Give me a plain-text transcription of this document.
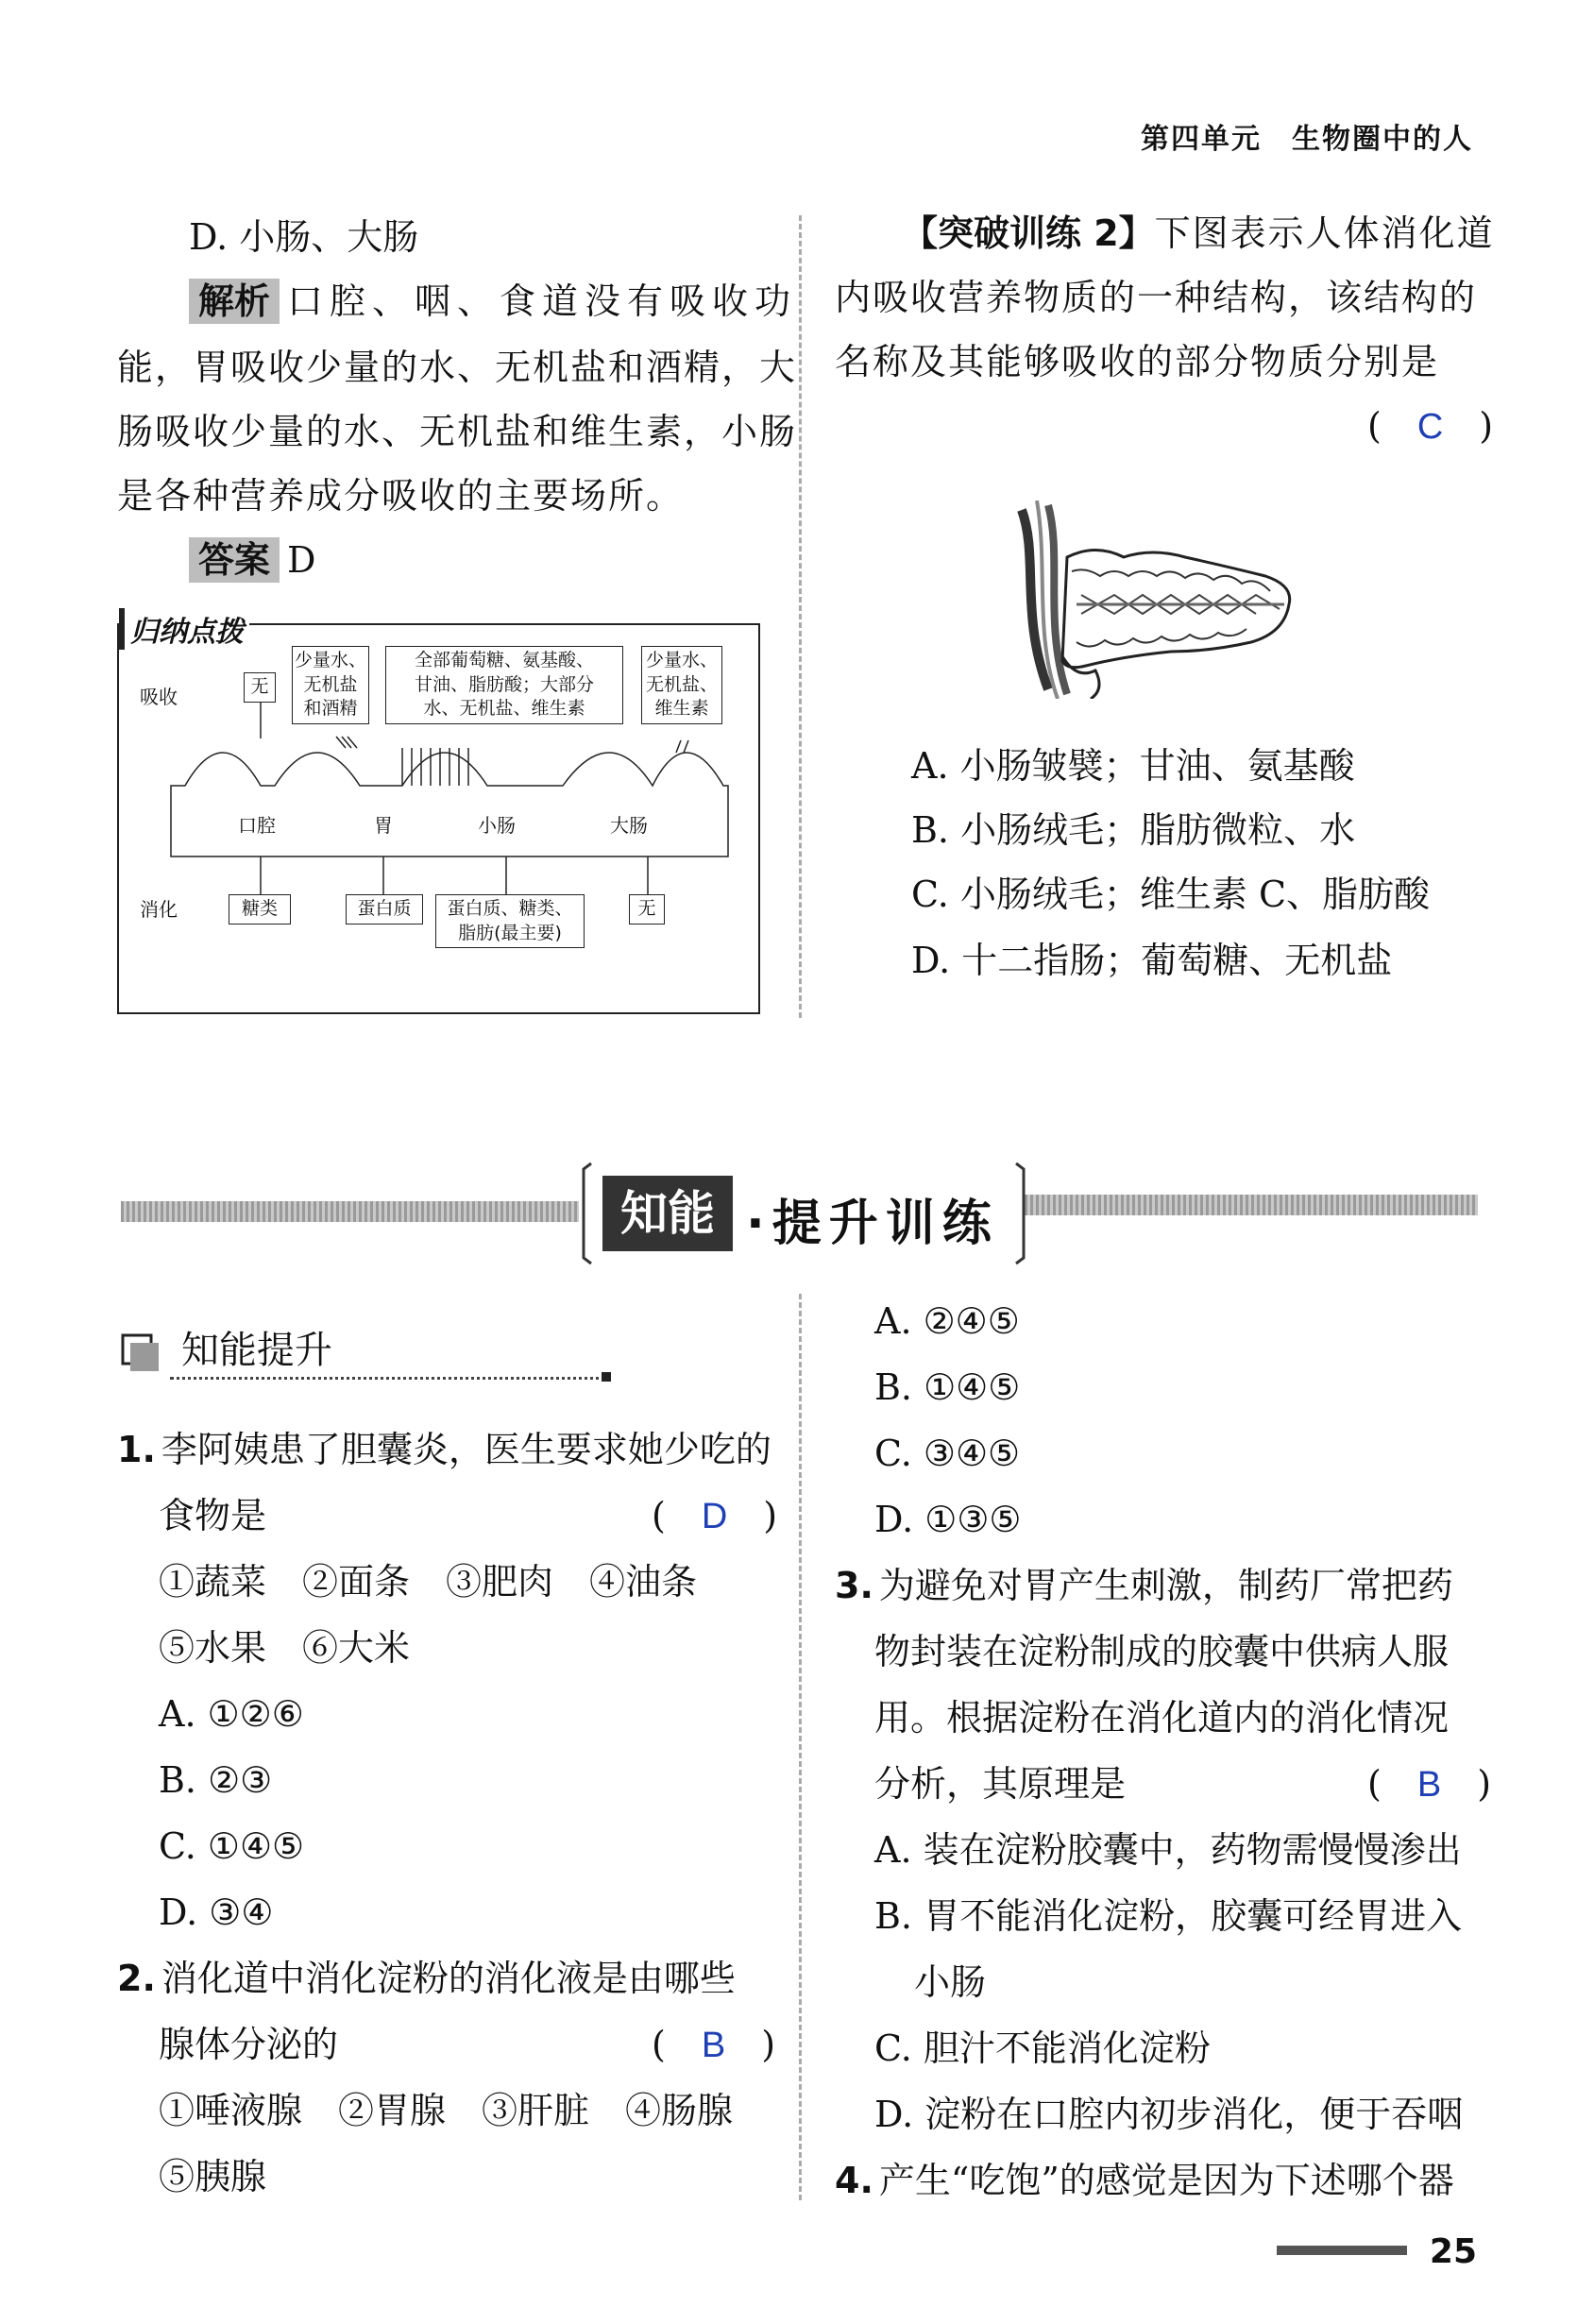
第四单元　生物圈中的人
D. 小肠、大肠
解析 口腔、咽、食道没有吸收功
能，胃吸收少量的水、无机盐和酒精，大
肠吸收少量的水、无机盐和维生素，小肠
是各种营养成分吸收的主要场所。
答案 D
吸收
消化
口腔	胃	小肠	大肠
无
少量水、
无机盐
和酒精
全部葡萄糖、氨基酸、
甘油、脂肪酸；大部分
水、无机盐、维生素
少量水、
无机盐、
维生素
糖类	蛋白质	蛋白质、糖类、
脂肪(最主要)
无
归纳点拨
【突破训练 2】下图表示人体消化道
内吸收营养物质的一种结构，该结构的
名称及其能够吸收的部分物质分别是
(　C　)
A. 小肠皱襞；甘油、氨基酸
B. 小肠绒毛；脂肪微粒、水
C. 小肠绒毛；维生素 C、脂肪酸
D. 十二指肠；葡萄糖、无机盐
知能 ·提升训练
知能提升
1. 李阿姨患了胆囊炎，医生要求她少吃的
食物是	(　D　)
①蔬菜　②面条　③肥肉　④油条
⑤水果　⑥大米
A. ①②⑥
B. ②③
C. ①④⑤
D. ③④
2. 消化道中消化淀粉的消化液是由哪些
腺体分泌的	(　B　)
①唾液腺　②胃腺　③肝脏　④肠腺
⑤胰腺
A. ②④⑤
B. ①④⑤
C. ③④⑤
D. ①③⑤
3. 为避免对胃产生刺激，制药厂常把药
物封装在淀粉制成的胶囊中供病人服
用。根据淀粉在消化道内的消化情况
分析，其原理是	(　B　)
A. 装在淀粉胶囊中，药物需慢慢渗出
B. 胃不能消化淀粉，胶囊可经胃进入
小肠
C. 胆汁不能消化淀粉
D. 淀粉在口腔内初步消化，便于吞咽
4. 产生“吃饱”的感觉是因为下述哪个器
25
